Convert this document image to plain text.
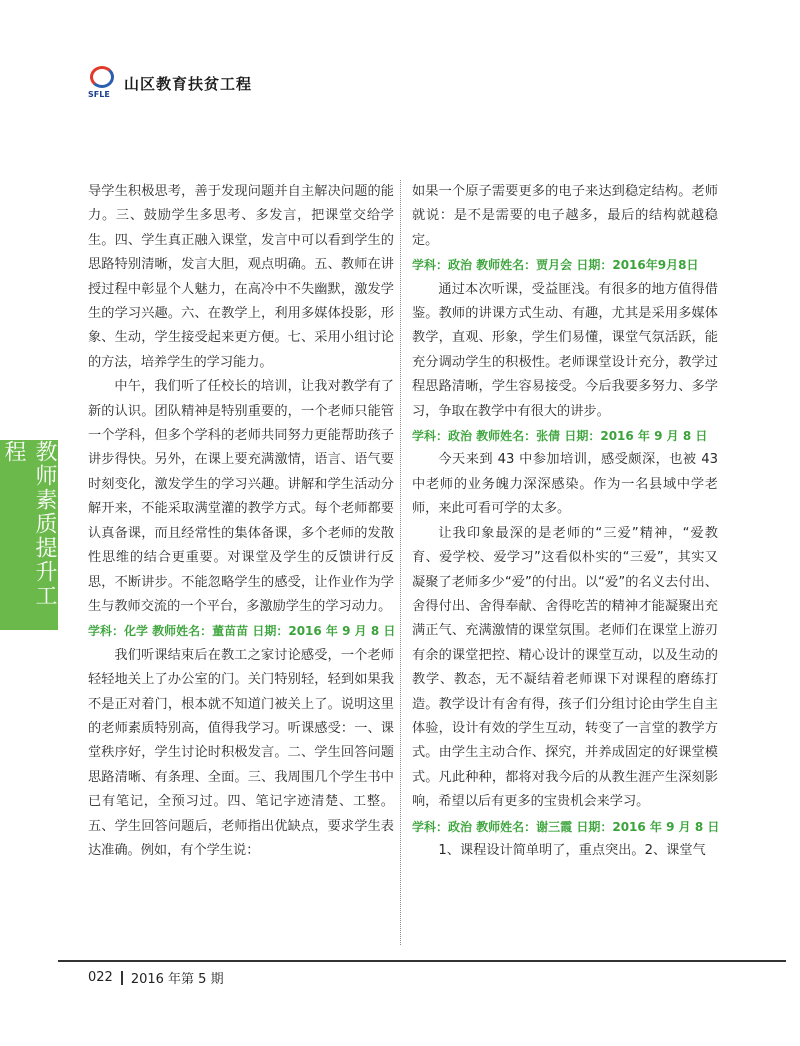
SFLE
山区教育扶贫工程
教师素质提升工程

导学生积极思考，善于发现问题并自主解决问题的能力。三、鼓励学生多思考、多发言，把课堂交给学生。四、学生真正融入课堂，发言中可以看到学生的思路特别清晰，发言大胆，观点明确。五、教师在讲授过程中彰显个人魅力，在高冷中不失幽默，激发学生的学习兴趣。六、在教学上，利用多媒体投影，形象、生动，学生接受起来更方便。七、采用小组讨论的方法，培养学生的学习能力。

中午，我们听了任校长的培训，让我对教学有了新的认识。团队精神是特别重要的，一个老师只能管一个学科，但多个学科的老师共同努力更能帮助孩子讲步得快。另外，在课上要充满激情，语言、语气要时刻变化，激发学生的学习兴趣。讲解和学生活动分解开来，不能采取满堂灌的教学方式。每个老师都要认真备课，而且经常性的集体备课，多个老师的发散性思维的结合更重要。对课堂及学生的反馈讲行反思，不断讲步。不能忽略学生的感受，让作业作为学生与教师交流的一个平台，多激励学生的学习动力。

学科：化学 教师姓名：董苗苗 日期：2016 年 9 月 8 日

我们听课结束后在教工之家讨论感受，一个老师轻轻地关上了办公室的门。关门特别轻，轻到如果我不是正对着门，根本就不知道门被关上了。说明这里的老师素质特别高，值得我学习。听课感受：一、课堂秩序好，学生讨论时积极发言。二、学生回答问题思路清晰、有条理、全面。三、我周围几个学生书中已有笔记，全预习过。四、笔记字迹清楚、工整。五、学生回答问题后，老师指出优缺点，要求学生表达准确。例如，有个学生说：

如果一个原子需要更多的电子来达到稳定结构。老师就说：是不是需要的电子越多，最后的结构就越稳定。

学科：政治 教师姓名：贾月会 日期：2016年9月8日

通过本次听课，受益匪浅。有很多的地方值得借鉴。教师的讲课方式生动、有趣，尤其是采用多媒体教学，直观、形象，学生们易懂，课堂气氛活跃，能充分调动学生的积极性。老师课堂设计充分，教学过程思路清晰，学生容易接受。今后我要多努力、多学习，争取在教学中有很大的讲步。

学科：政治 教师姓名：张倩 日期：2016 年 9 月 8 日

今天来到 43 中参加培训，感受颇深，也被 43 中老师的业务魄力深深感染。作为一名县域中学老师，来此可看可学的太多。

让我印象最深的是老师的“三爱”精神，“爱教育、爱学校、爱学习”这看似朴实的“三爱”，其实又凝聚了老师多少“爱”的付出。以“爱”的名义去付出、舍得付出、舍得奉献、舍得吃苦的精神才能凝聚出充满正气、充满激情的课堂氛围。老师们在课堂上游刃有余的课堂把控、精心设计的课堂互动，以及生动的教学、教态，无不凝结着老师课下对课程的磨练打造。教学设计有舍有得，孩子们分组讨论由学生自主体验，设计有效的学生互动，转变了一言堂的教学方式。由学生主动合作、探究，并养成固定的好课堂模式。凡此种种，都将对我今后的从教生涯产生深刻影响，希望以后有更多的宝贵机会来学习。

学科：政治 教师姓名：谢三霞 日期：2016 年 9 月 8 日

1、课程设计简单明了，重点突出。2、课堂气

022 2016 年第 5 期
